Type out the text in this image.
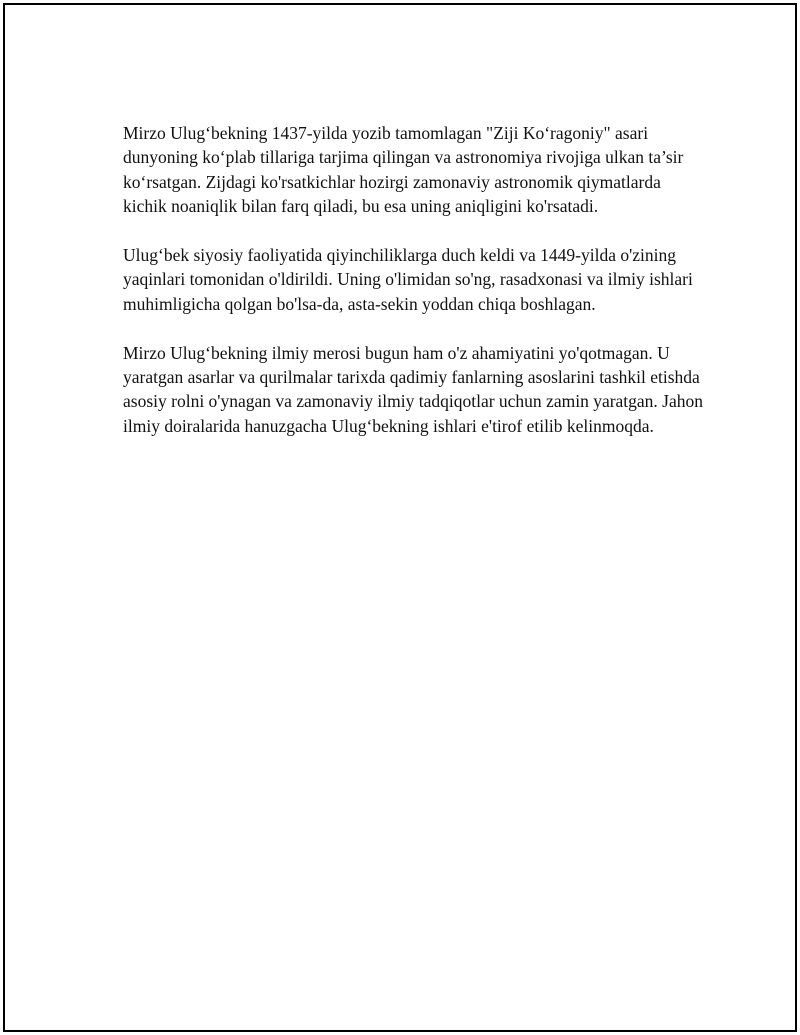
Mirzo Ulug‘bekning 1437-yilda yozib tamomlagan "Ziji Ko‘ragoniy" asari dunyoning ko‘plab tillariga tarjima qilingan va astronomiya rivojiga ulkan ta’sir ko‘rsatgan. Zijdagi ko'rsatkichlar hozirgi zamonaviy astronomik qiymatlarda kichik noaniqlik bilan farq qiladi, bu esa uning aniqligini ko'rsatadi.

Ulug‘bek siyosiy faoliyatida qiyinchiliklarga duch keldi va 1449-yilda o'zining yaqinlari tomonidan o'ldirildi. Uning o'limidan so'ng, rasadxonasi va ilmiy ishlari muhimligicha qolgan bo'lsa-da, asta-sekin yoddan chiqa boshlagan.

Mirzo Ulug‘bekning ilmiy merosi bugun ham o'z ahamiyatini yo'qotmagan. U yaratgan asarlar va qurilmalar tarixda qadimiy fanlarning asoslarini tashkil etishda asosiy rolni o'ynagan va zamonaviy ilmiy tadqiqotlar uchun zamin yaratgan. Jahon ilmiy doiralarida hanuzgacha Ulug‘bekning ishlari e'tirof etilib kelinmoqda.
